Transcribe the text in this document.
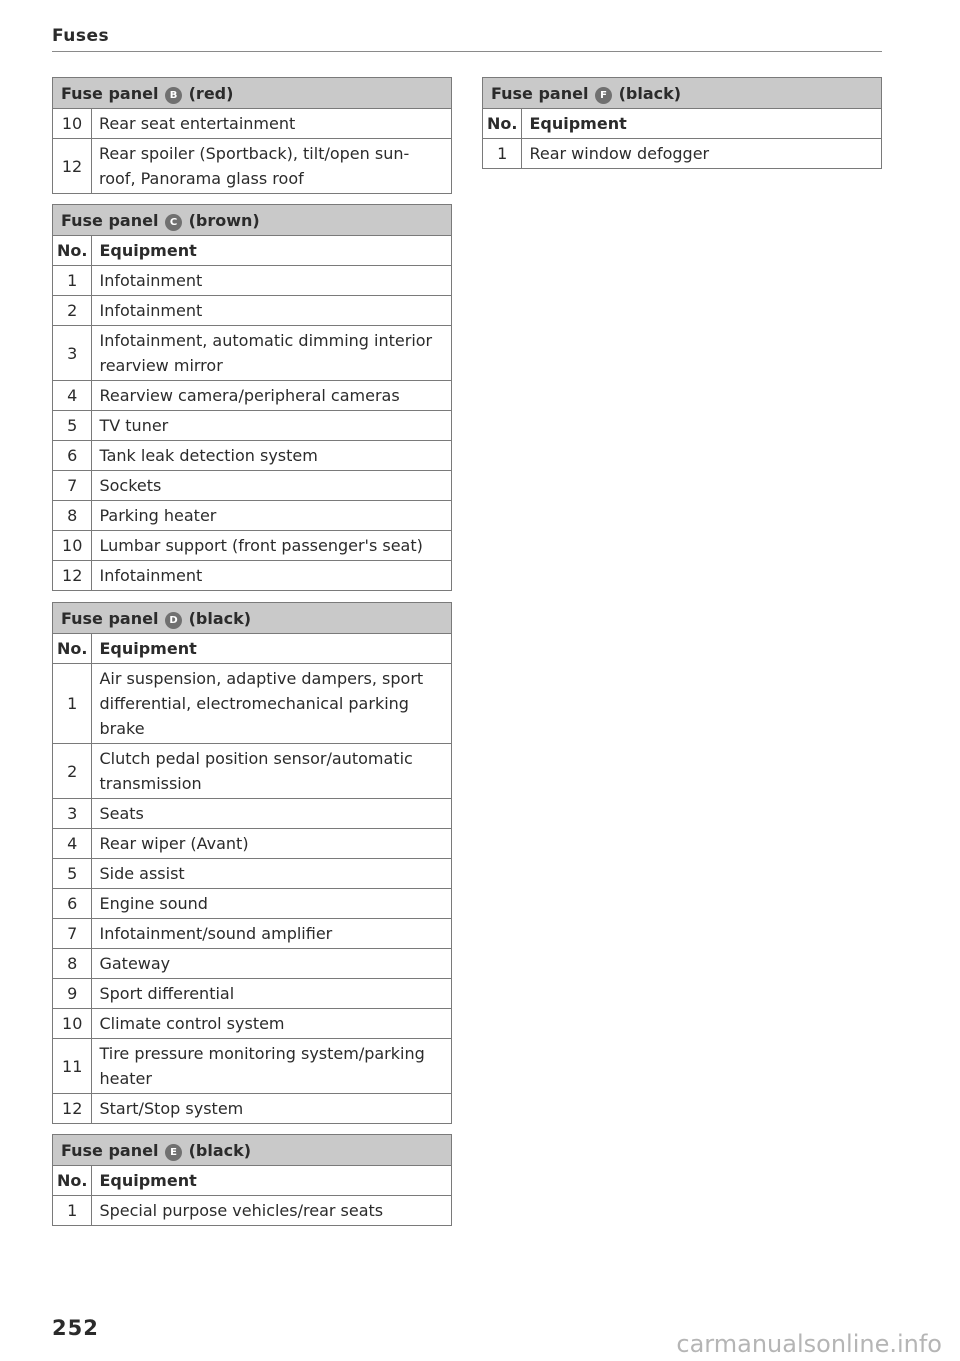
Fuses
Fuse panel B (red)	
10	Rear seat entertainment
12	Rear spoiler (Sportback), tilt/open sun-roof, Panorama glass roof
Fuse panel C (brown)	
No.	Equipment
1	Infotainment
2	Infotainment
3	Infotainment, automatic dimming interior rearview mirror
4	Rearview camera/peripheral cameras
5	TV tuner
6	Tank leak detection system
7	Sockets
8	Parking heater
10	Lumbar support (front passenger's seat)
12	Infotainment
Fuse panel D (black)	
No.	Equipment
1	Air suspension, adaptive dampers, sport differential, electromechanical parking brake
2	Clutch pedal position sensor/automatic transmission
3	Seats
4	Rear wiper (Avant)
5	Side assist
6	Engine sound
7	Infotainment/sound amplifier
8	Gateway
9	Sport differential
10	Climate control system
11	Tire pressure monitoring system/parking heater
12	Start/Stop system
Fuse panel E (black)	
No.	Equipment
1	Special purpose vehicles/rear seats
Fuse panel F (black)	
No.	Equipment
1	Rear window defogger
252
carmanualsonline.info
